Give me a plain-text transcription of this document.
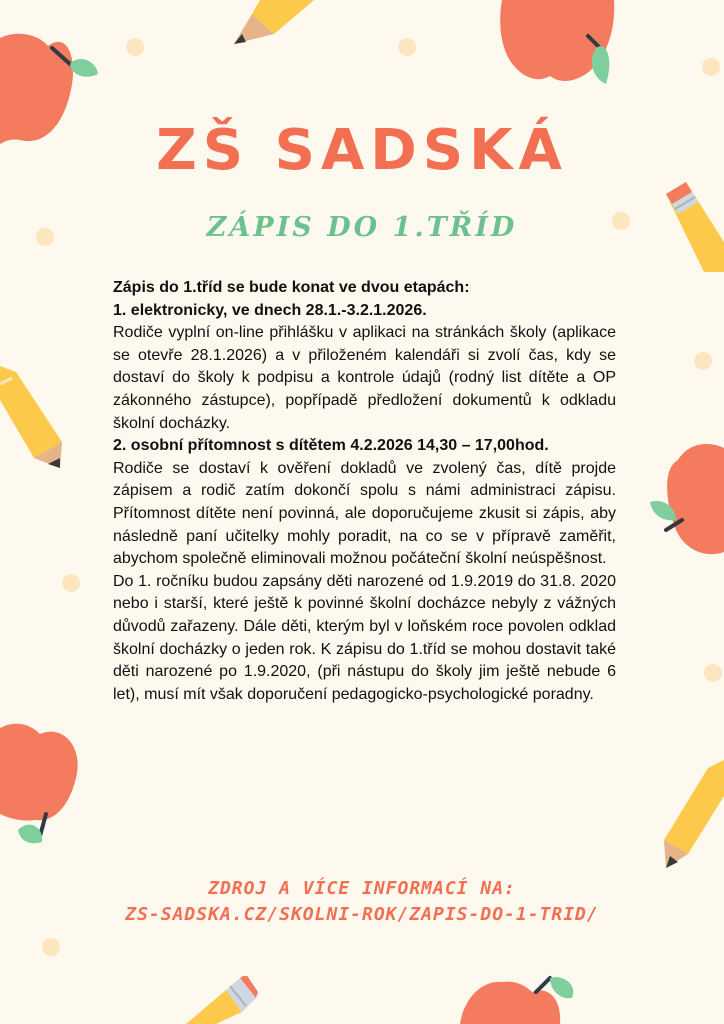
ZŠ SADSKÁ
ZÁPIS DO 1.TŘÍD

Zápis do 1.tříd se bude konat ve dvou etapách:

1. elektronicky, ve dnech 28.1.-3.2.1.2026.

Rodiče vyplní on-line přihlášku v aplikaci na stránkách školy (aplikace se otevře 28.1.2026) a v přiloženém kalendáři si zvolí čas, kdy se dostaví do školy k podpisu a kontrole údajů (rodný list dítěte a OP zákonného zástupce), popřípadě předložení dokumentů k odkladu školní docházky.

2. osobní přítomnost s dítětem 4.2.2026 14,30 – 17,00hod.

Rodiče se dostaví k ověření dokladů ve zvolený čas, dítě projde zápisem a rodič zatím dokončí spolu s námi administraci zápisu. Přítomnost dítěte není povinná, ale doporučujeme zkusit si zápis, aby následně paní učitelky mohly poradit, na co se v přípravě zaměřit, abychom společně eliminovali možnou počáteční školní neúspěšnost.

Do 1. ročníku budou zapsány děti narozené od 1.9.2019 do 31.8. 2020 nebo i starší, které ještě k povinné školní docházce nebyly z vážných důvodů zařazeny. Dále děti, kterým byl v loňském roce povolen odklad školní docházky o jeden rok. K zápisu do 1.tříd se mohou dostavit také děti narozené po 1.9.2020, (při nástupu do školy jim ještě nebude 6 let), musí mít však doporučení pedagogicko-psychologické poradny.

ZDROJ A VÍCE INFORMACÍ NA:

ZS-SADSKA.CZ/SKOLNI-ROK/ZAPIS-DO-1-TRID/
